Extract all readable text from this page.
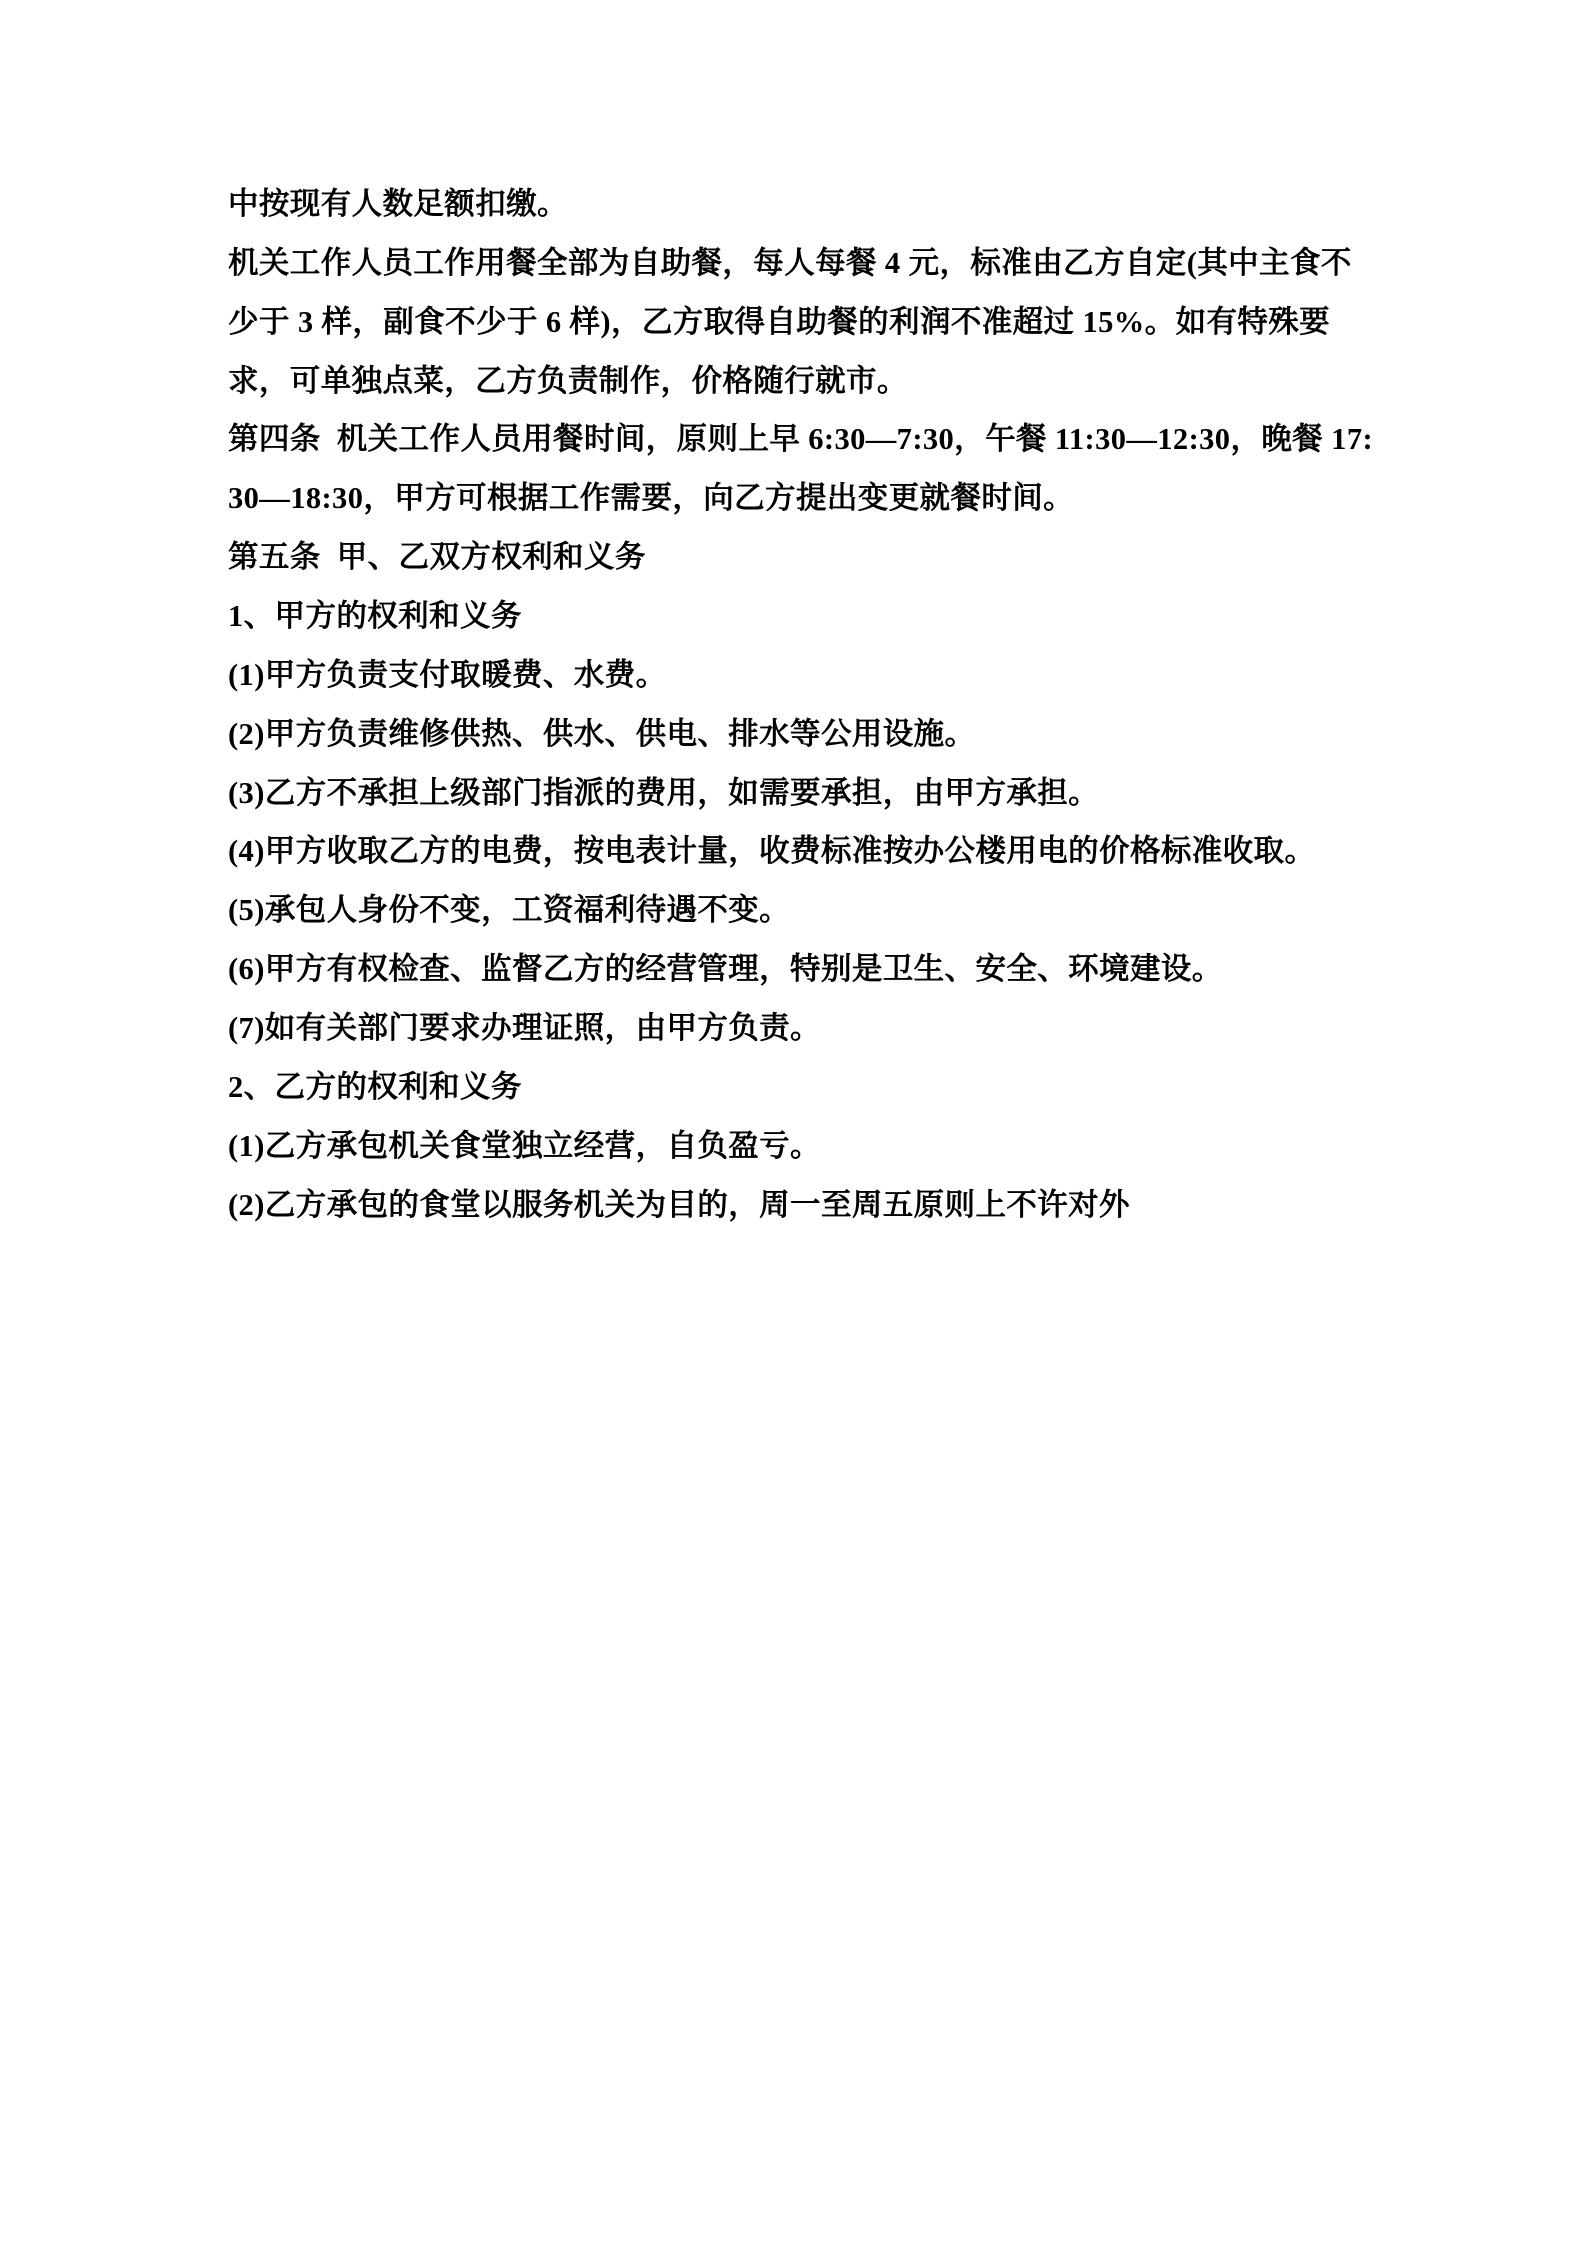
中按现有人数足额扣缴。

机关工作人员工作用餐全部为自助餐，每人每餐 4 元，标准由乙方自定(其中主食不少于 3 样，副食不少于 6 样)，乙方取得自助餐的利润不准超过 15%。如有特殊要求，可单独点菜，乙方负责制作，价格随行就市。

第四条  机关工作人员用餐时间，原则上早 6:30—7:30，午餐 11:30—12:30，晚餐 17:30—18:30，甲方可根据工作需要，向乙方提出变更就餐时间。

第五条  甲、乙双方权利和义务

1、甲方的权利和义务

(1)甲方负责支付取暖费、水费。

(2)甲方负责维修供热、供水、供电、排水等公用设施。

(3)乙方不承担上级部门指派的费用，如需要承担，由甲方承担。

(4)甲方收取乙方的电费，按电表计量，收费标准按办公楼用电的价格标准收取。

(5)承包人身份不变，工资福利待遇不变。

(6)甲方有权检查、监督乙方的经营管理，特别是卫生、安全、环境建设。

(7)如有关部门要求办理证照，由甲方负责。

2、乙方的权利和义务

(1)乙方承包机关食堂独立经营，自负盈亏。

(2)乙方承包的食堂以服务机关为目的，周一至周五原则上不许对外
